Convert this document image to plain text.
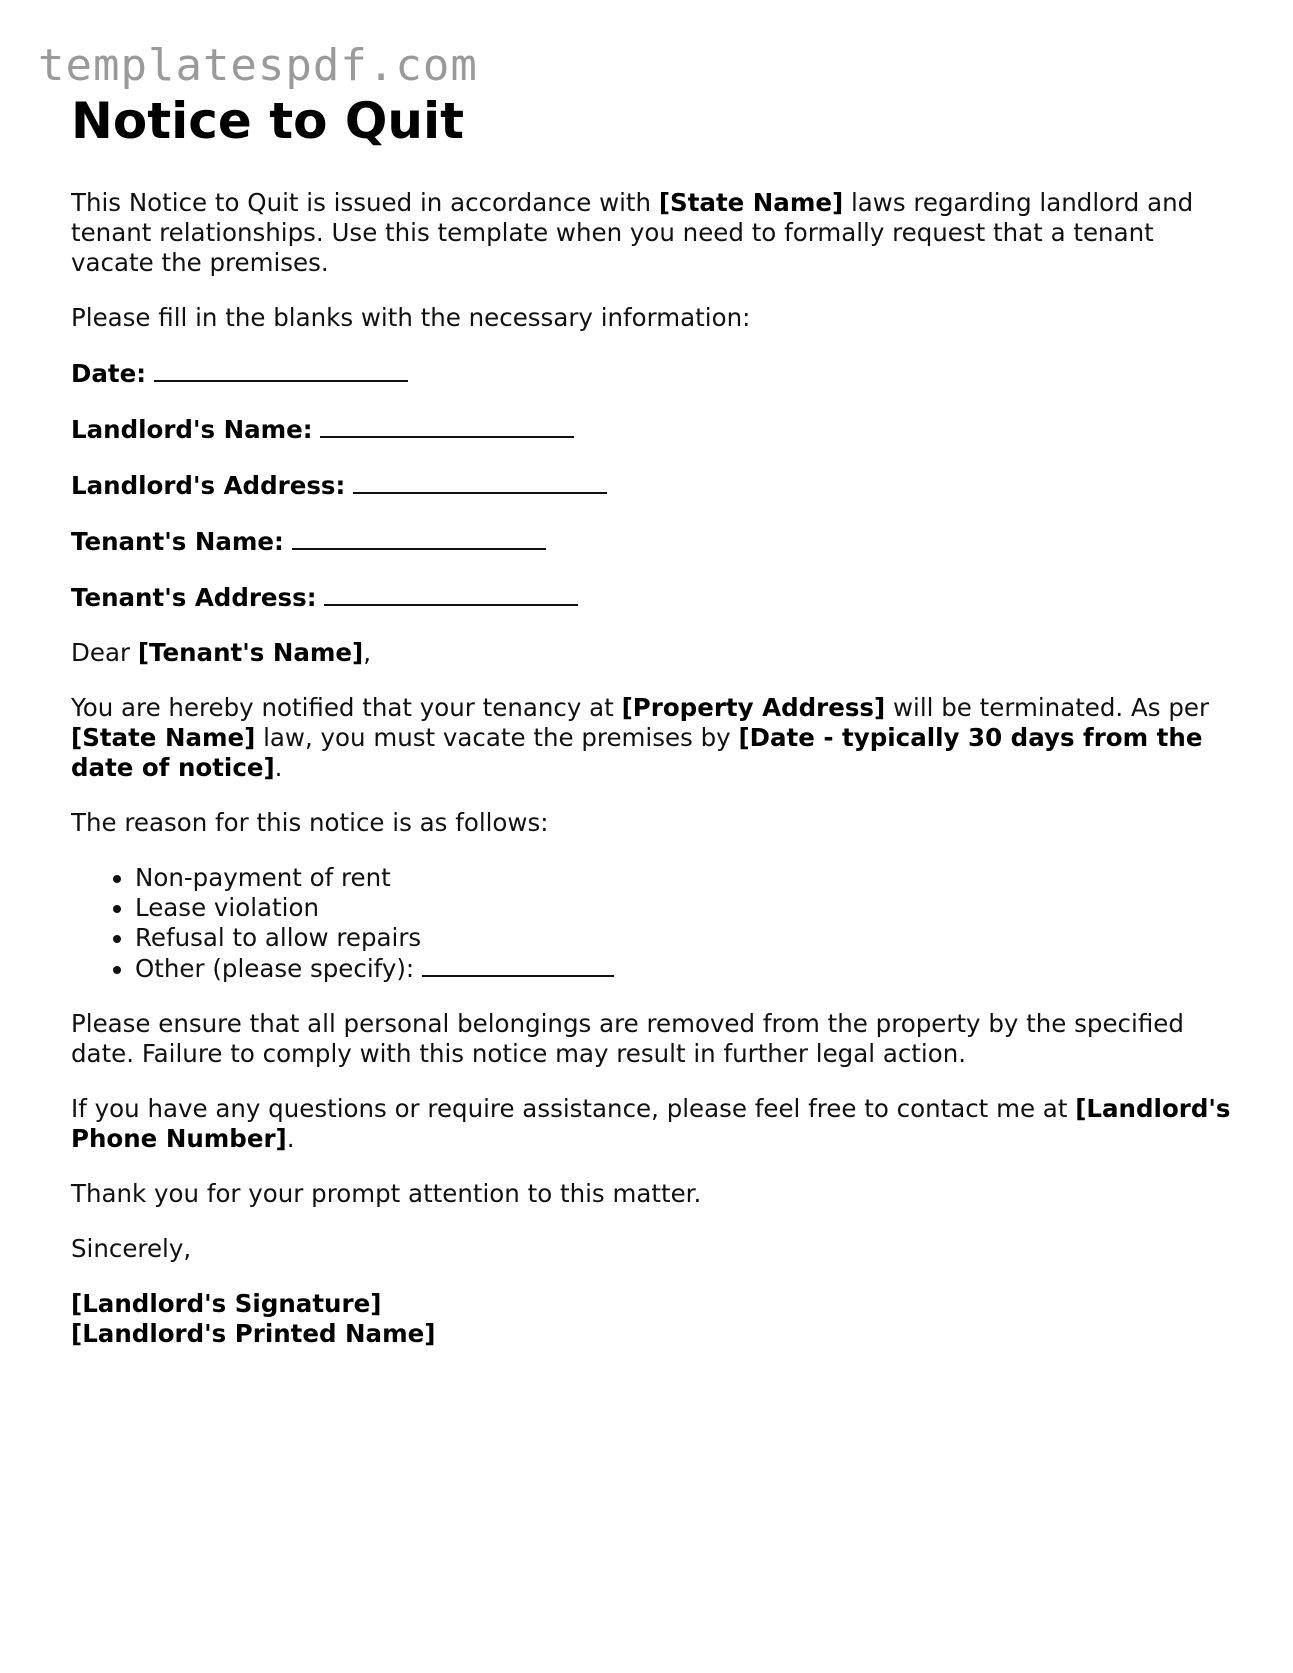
templatespdf.com
Notice to Quit

This Notice to Quit is issued in accordance with [State Name] laws regarding landlord and tenant relationships. Use this template when you need to formally request that a tenant vacate the premises.

Please fill in the blanks with the necessary information:

Date:

Landlord's Name:

Landlord's Address:

Tenant's Name:

Tenant's Address:

Dear [Tenant's Name],

You are hereby notified that your tenancy at [Property Address] will be terminated. As per [State Name] law, you must vacate the premises by [Date - typically 30 days from the date of notice].

The reason for this notice is as follows:

• Non-payment of rent
• Lease violation
• Refusal to allow repairs
• Other (please specify):

Please ensure that all personal belongings are removed from the property by the specified date. Failure to comply with this notice may result in further legal action.

If you have any questions or require assistance, please feel free to contact me at [Landlord's Phone Number].

Thank you for your prompt attention to this matter.

Sincerely,

[Landlord's Signature]

[Landlord's Printed Name]
